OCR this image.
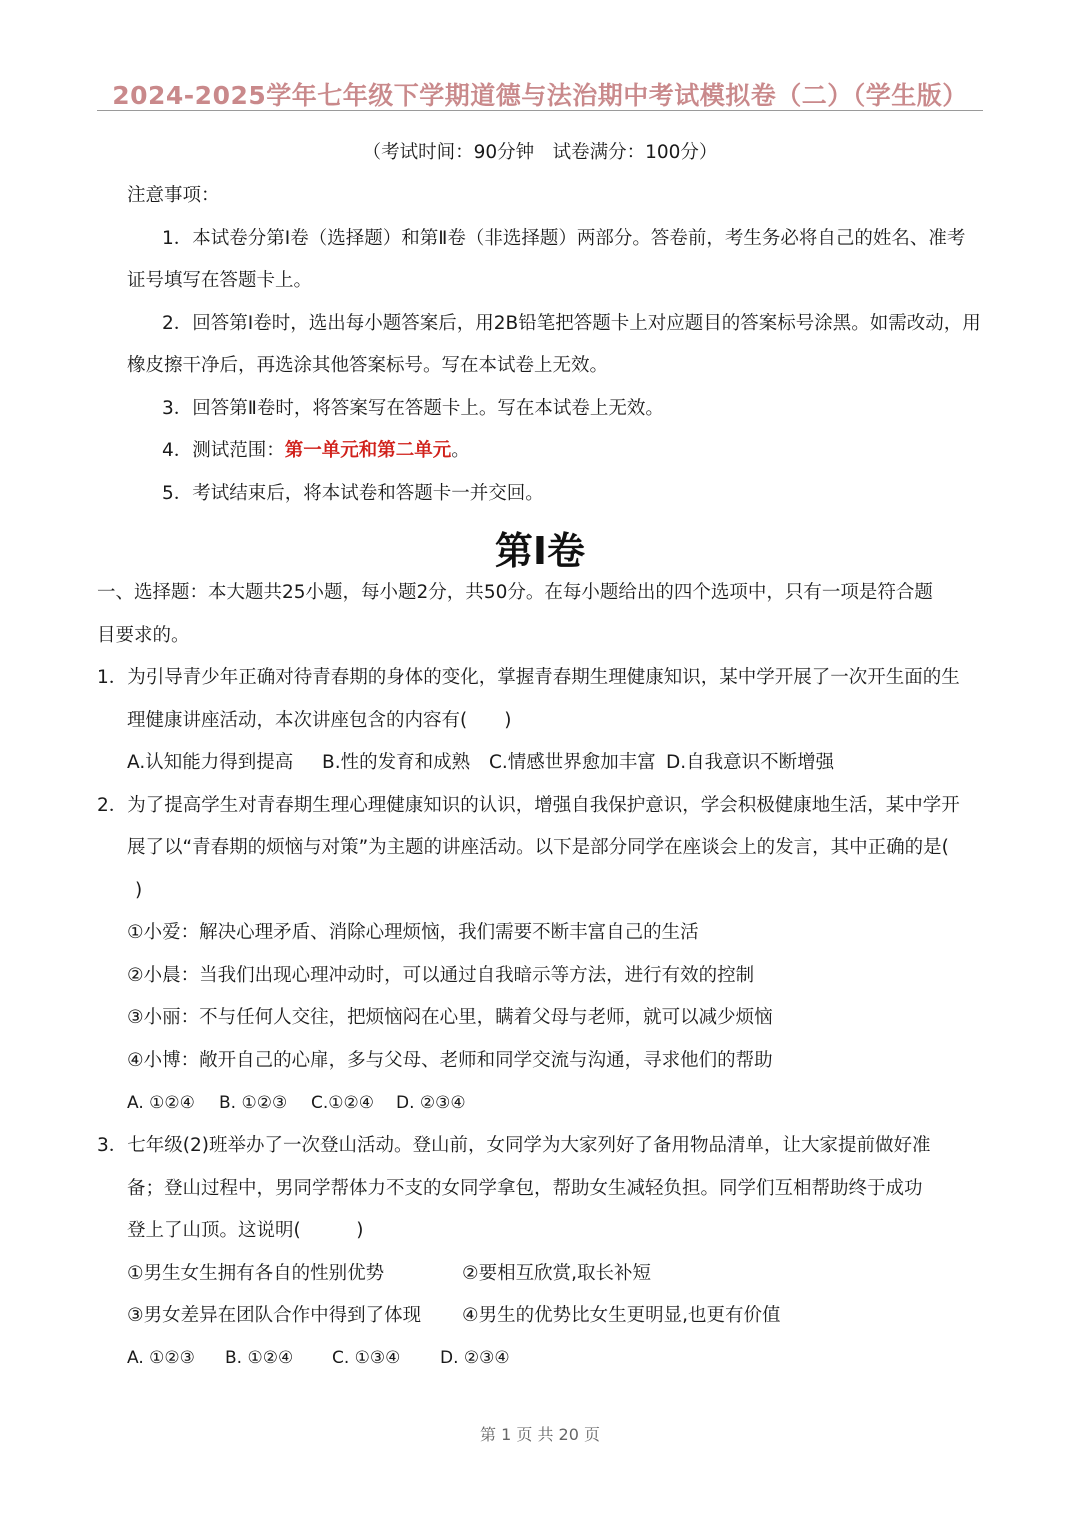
2024-2025学年七年级下学期道德与法治期中考试模拟卷（二）（学生版）
（考试时间：90分钟　试卷满分：100分）
注意事项：
1．本试卷分第Ⅰ卷（选择题）和第Ⅱ卷（非选择题）两部分。答卷前，考生务必将自己的姓名、准考
证号填写在答题卡上。
2．回答第Ⅰ卷时，选出每小题答案后，用2B铅笔把答题卡上对应题目的答案标号涂黑。如需改动，用
橡皮擦干净后，再选涂其他答案标号。写在本试卷上无效。
3．回答第Ⅱ卷时，将答案写在答题卡上。写在本试卷上无效。
4．测试范围：第一单元和第二单元。
5．考试结束后，将本试卷和答题卡一并交回。
第Ⅰ卷
一、选择题：本大题共25小题，每小题2分，共50分。在每小题给出的四个选项中，只有一项是符合题
目要求的。
1．为引导青少年正确对待青春期的身体的变化，掌握青春期生理健康知识，某中学开展了一次开生面的生
理健康讲座活动，本次讲座包含的内容有(　　)
A.认知能力得到提高 B.性的发育和成熟 C.情感世界愈加丰富 D.自我意识不断增强
2．为了提高学生对青春期生理心理健康知识的认识，增强自我保护意识，学会积极健康地生活，某中学开
展了以“青春期的烦恼与对策”为主题的讲座活动。以下是部分同学在座谈会上的发言，其中正确的是(
)
①小爱：解决心理矛盾、消除心理烦恼，我们需要不断丰富自己的生活
②小晨：当我们出现心理冲动时，可以通过自我暗示等方法，进行有效的控制
③小丽：不与任何人交往，把烦恼闷在心里，瞒着父母与老师，就可以减少烦恼
④小博：敞开自己的心扉，多与父母、老师和同学交流与沟通，寻求他们的帮助
A. ①②④ B. ①②③ C.①②④ D. ②③④
3．七年级(2)班举办了一次登山活动。登山前，女同学为大家列好了备用物品清单，让大家提前做好准
备；登山过程中，男同学帮体力不支的女同学拿包，帮助女生减轻负担。同学们互相帮助终于成功
登上了山顶。这说明(　　　)
①男生女生拥有各自的性别优势	②要相互欣赏,取长补短
③男女差异在团队合作中得到了体现 ④男生的优势比女生更明显,也更有价值
A. ①②③ B. ①②④ C. ①③④ D. ②③④
第 1 页 共 20 页
